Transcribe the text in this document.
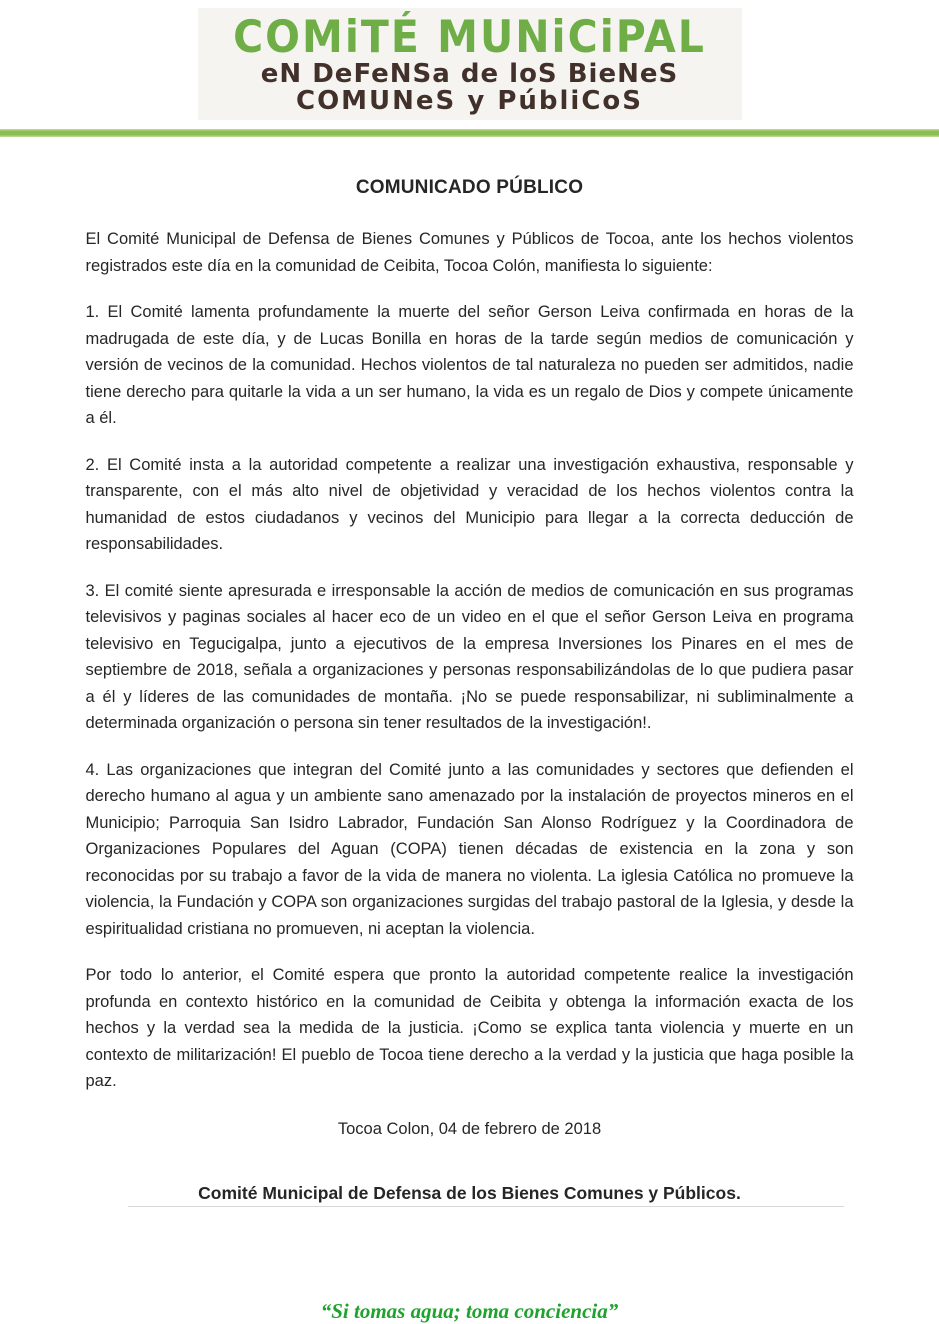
COMiTÉ MUNiCiPAL
eN DeFeNSa de loS BieNeS
COMUNeS y PúbliCoS
COMUNICADO PÚBLICO

El Comité Municipal de Defensa de Bienes Comunes y Públicos de Tocoa, ante los hechos violentos registrados este día en la comunidad de Ceibita, Tocoa Colón, manifiesta lo siguiente:

1. El Comité lamenta profundamente la muerte del señor Gerson Leiva confirmada en horas de la madrugada de este día, y de Lucas Bonilla en horas de la tarde según medios de comunicación y versión de vecinos de la comunidad. Hechos violentos de tal naturaleza no pueden ser admitidos, nadie tiene derecho para quitarle la vida a un ser humano, la vida es un regalo de Dios y compete únicamente a él.

2. El Comité insta a la autoridad competente a realizar una investigación exhaustiva, responsable y transparente, con el más alto nivel de objetividad y veracidad de los hechos violentos contra la humanidad de estos ciudadanos y vecinos del Municipio para llegar a la correcta deducción de responsabilidades.

3. El comité siente apresurada e irresponsable la acción de medios de comunicación en sus programas televisivos y paginas sociales al hacer eco de un video en el que el señor Gerson Leiva en programa televisivo en Tegucigalpa, junto a ejecutivos de la empresa Inversiones los Pinares en el mes de septiembre de 2018, señala a organizaciones y personas responsabilizándolas de lo que pudiera pasar a él y líderes de las comunidades de montaña. ¡No se puede responsabilizar, ni subliminalmente a determinada organización o persona sin tener resultados de la investigación!.

4. Las organizaciones que integran del Comité junto a las comunidades y sectores que defienden el derecho humano al agua y un ambiente sano amenazado por la instalación de proyectos mineros en el Municipio; Parroquia San Isidro Labrador, Fundación San Alonso Rodríguez y la Coordinadora de Organizaciones Populares del Aguan (COPA) tienen décadas de existencia en la zona y son reconocidas por su trabajo a favor de la vida de manera no violenta. La iglesia Católica no promueve la violencia, la Fundación y COPA son organizaciones surgidas del trabajo pastoral de la Iglesia, y desde la espiritualidad cristiana no promueven, ni aceptan la violencia.

Por todo lo anterior, el Comité espera que pronto la autoridad competente realice la investigación profunda en contexto histórico en la comunidad de Ceibita y obtenga la información exacta de los hechos y la verdad sea la medida de la justicia. ¡Como se explica tanta violencia y muerte en un contexto de militarización! El pueblo de Tocoa tiene derecho a la verdad y la justicia que haga posible la paz.

Tocoa Colon, 04 de febrero de 2018

Comité Municipal de Defensa de los Bienes Comunes y Públicos.

“Si tomas agua; toma conciencia”
